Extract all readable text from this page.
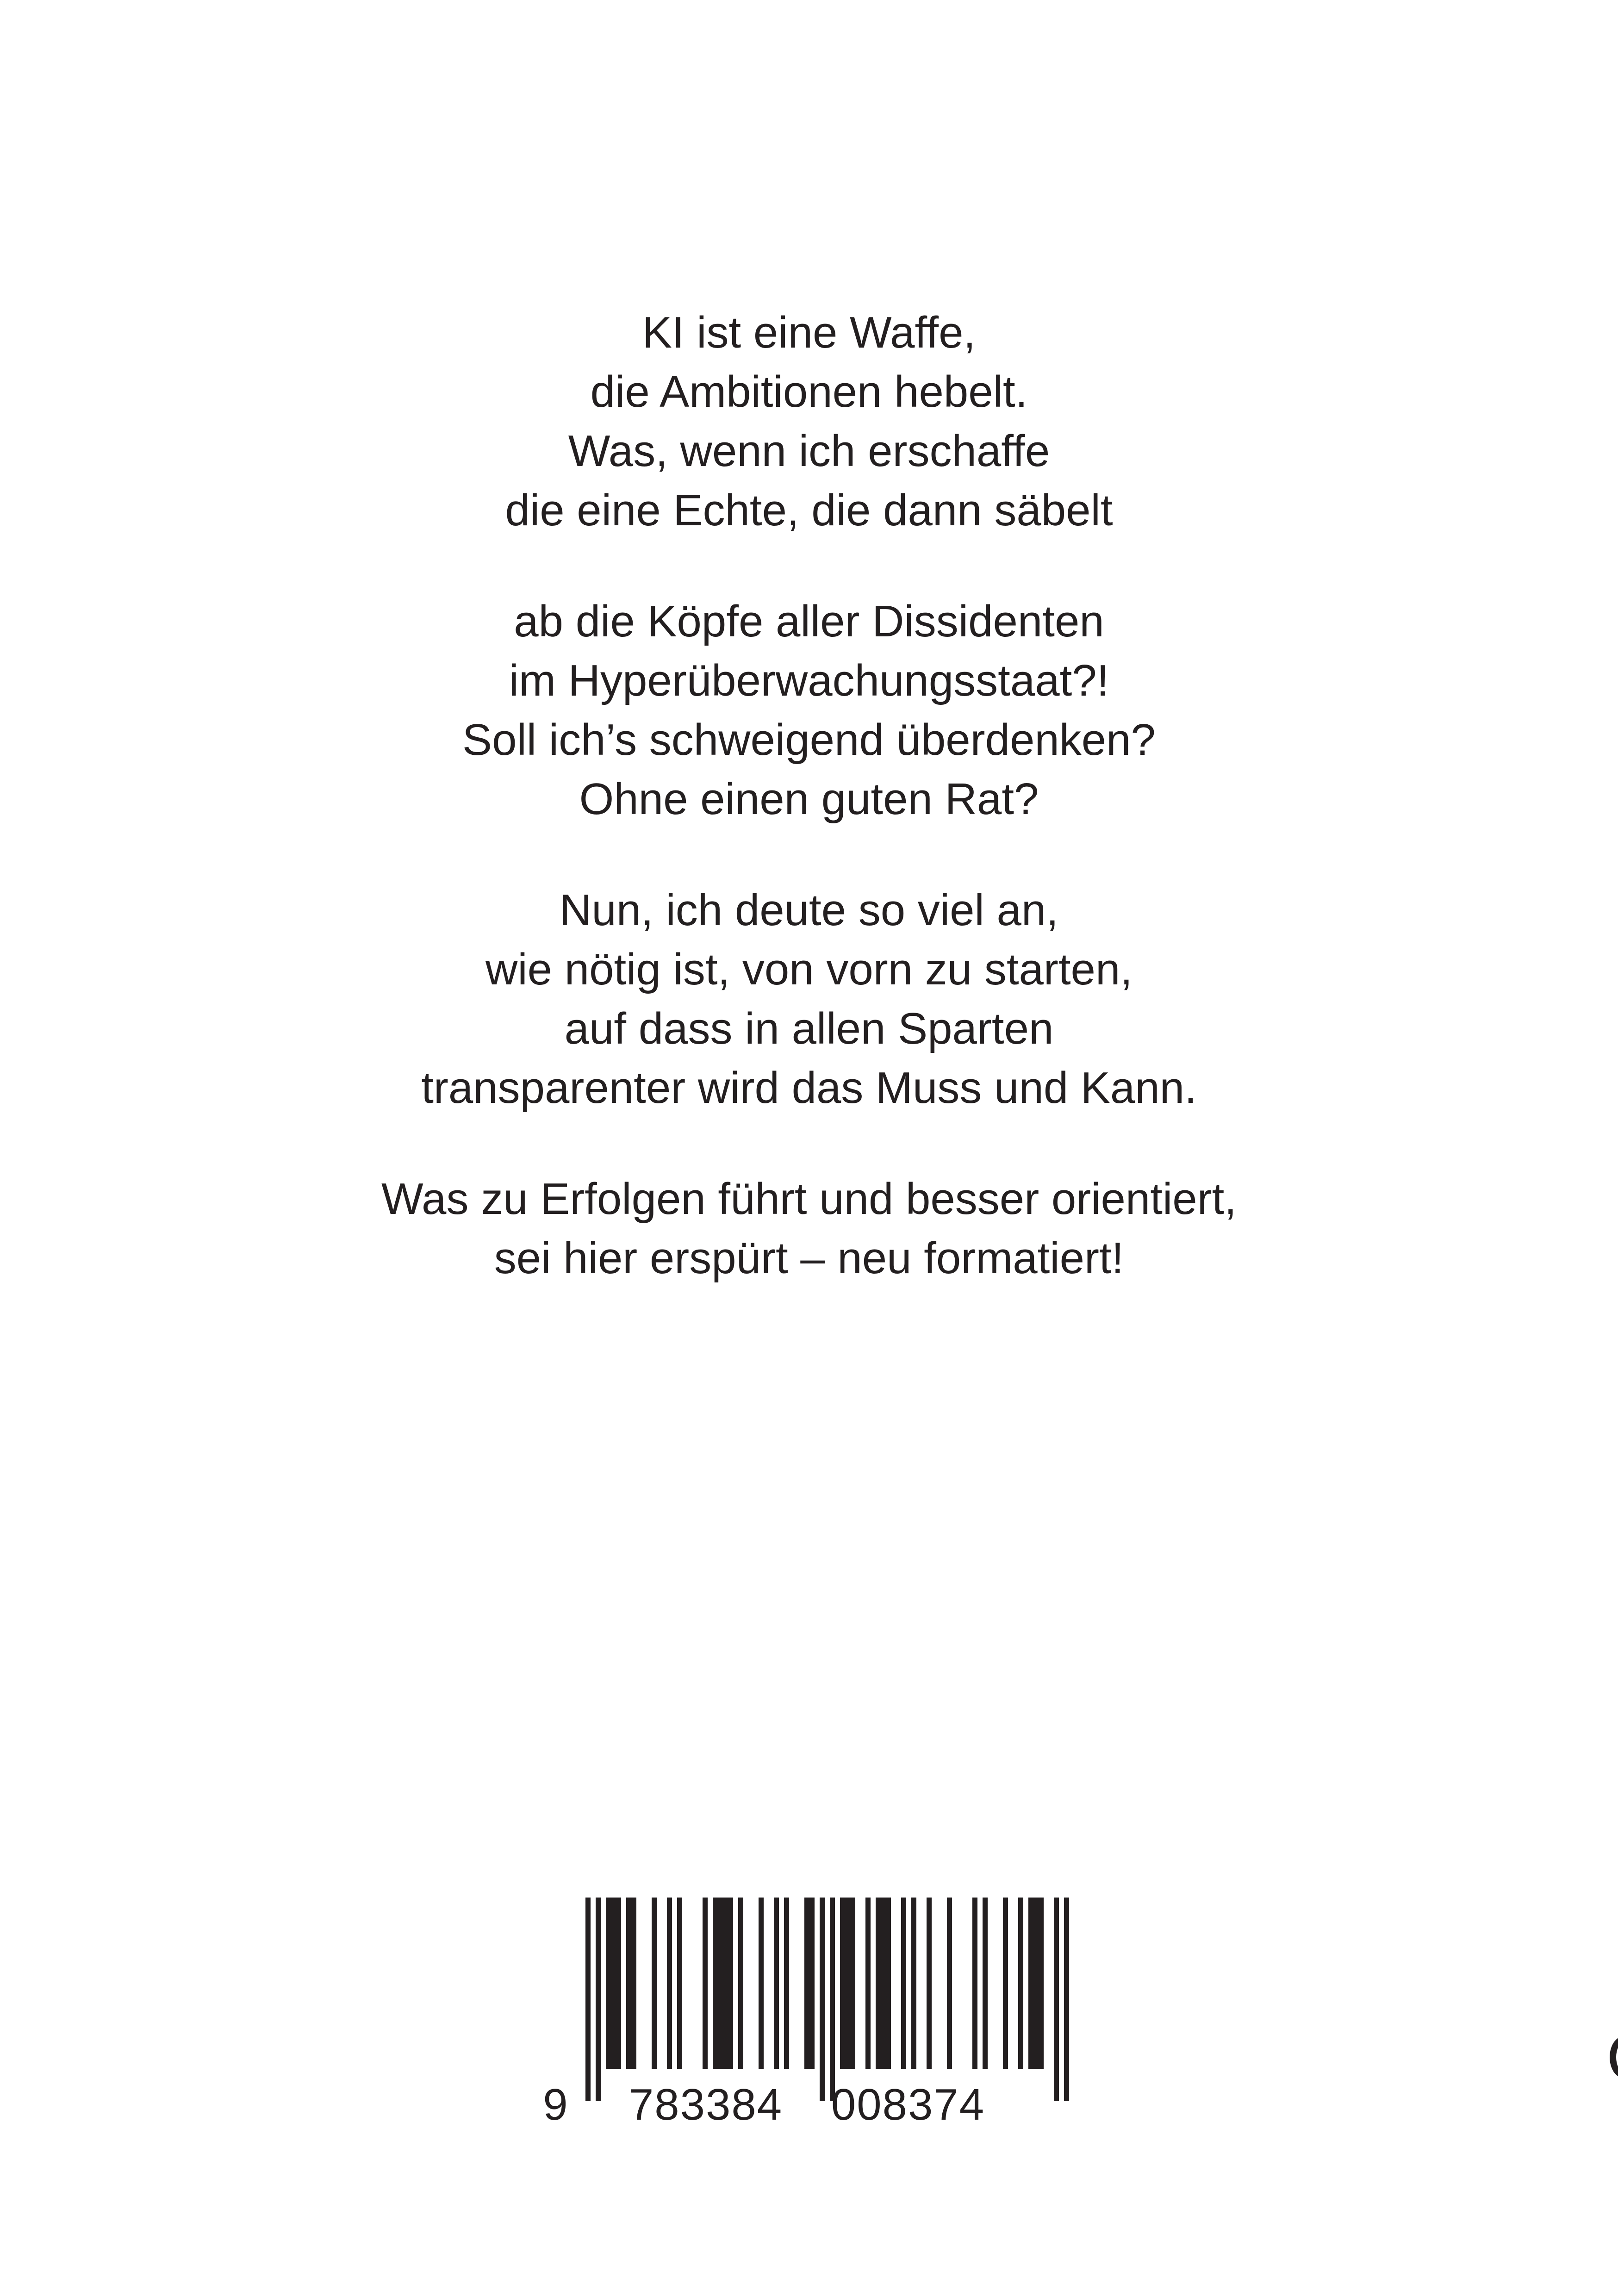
KI ist eine Waffe,
die Ambitionen hebelt.
Was, wenn ich erschaffe
die eine Echte, die dann säbelt
ab die Köpfe aller Dissidenten
im Hyperüberwachungsstaat?!
Soll ich’s schweigend überdenken?
Ohne einen guten Rat?
Nun, ich deute so viel an,
wie nötig ist, von vorn zu starten,
auf dass in allen Sparten
transparenter wird das Muss und Kann.
Was zu Erfolgen führt und besser orientiert,
sei hier erspürt – neu formatiert!
9 783384 008374
